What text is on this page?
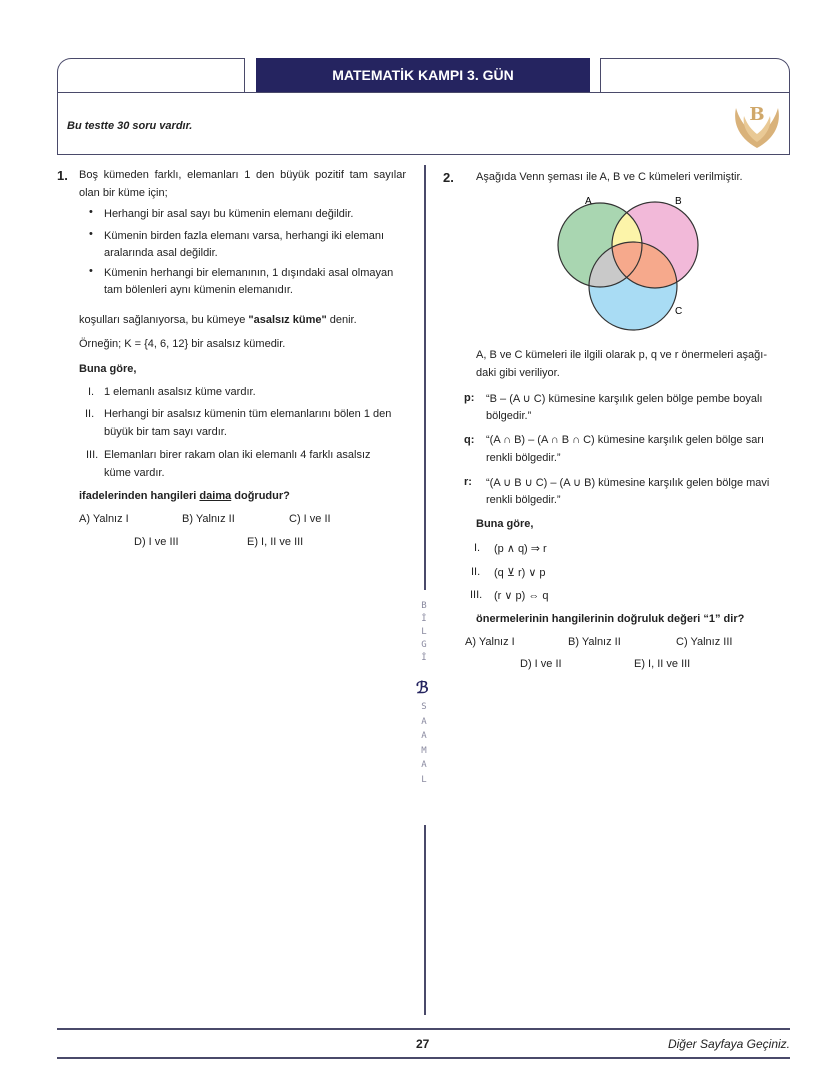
MATEMATİK KAMPI 3. GÜN
Bu testte 30 soru vardır.
B
1. Boş kümeden farklı, elemanları 1 den büyük pozitif tam sayılar
olan bir küme için;
• Herhangi bir asal sayı bu kümenin elemanı değildir.
• Kümenin birden fazla elemanı varsa, herhangi iki elemanı
aralarında asal değildir.
• Kümenin herhangi bir elemanının, 1 dışındaki asal olmayan
tam bölenleri aynı kümenin elemanıdır.
koşulları sağlanıyorsa, bu kümeye "asalsız küme" denir.
Örneğin; K = {4, 6, 12} bir asalsız kümedir.
Buna göre,
I. 1 elemanlı asalsız küme vardır.
II. Herhangi bir asalsız kümenin tüm elemanlarını bölen 1 den
büyük bir tam sayı vardır.
III. Elemanları birer rakam olan iki elemanlı 4 farklı asalsız
küme vardır.
ifadelerinden hangileri daima doğrudur?
A) Yalnız I	B) Yalnız II	C) I ve II
D) I ve III	E) I, II ve III
B
İ
L
G
İ
ℬ
S
A
A
M
A
L
2. Aşağıda Venn şeması ile A, B ve C kümeleri verilmiştir.
A	B
C
A, B ve C kümeleri ile ilgili olarak p, q ve r önermeleri aşağı-
daki gibi veriliyor.
p: “B – (A ∪ C) kümesine karşılık gelen bölge pembe boyalı
bölgedir.”
q: “(A ∩ B) – (A ∩ B ∩ C) kümesine karşılık gelen bölge sarı
renkli bölgedir.”
r: “(A ∪ B ∪ C) – (A ∪ B) kümesine karşılık gelen bölge mavi
renkli bölgedir.”
Buna göre,
I. (p ∧ q) ⇒ r
II. (q ⊻ r) ∨ p
III. (r ∨ p) ⇔ q
önermelerinin hangilerinin doğruluk değeri “1” dir?
A) Yalnız I	B) Yalnız II	C) Yalnız III
D) I ve II	E) I, II ve III
27	Diğer Sayfaya Geçiniz.
